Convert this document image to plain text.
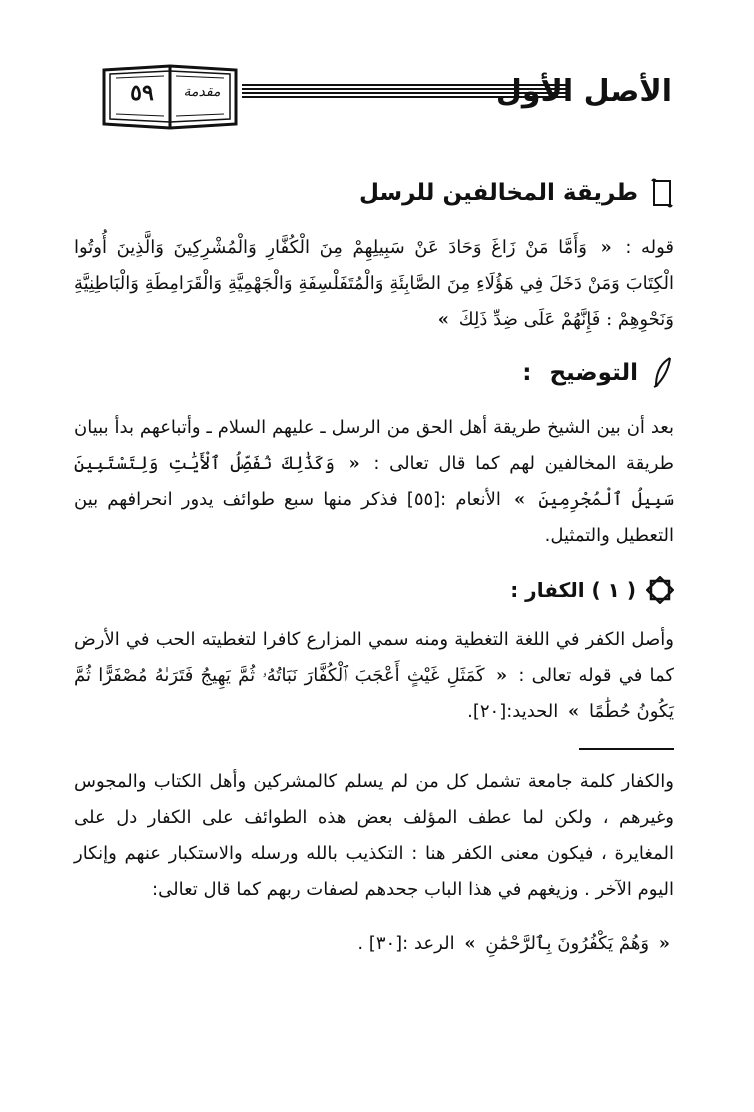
٥٩	مقدمة	الأصل الأول
طريقة المخالفين للرسل

قوله : « وَأَمَّا مَنْ زَاغَ وَحَادَ عَنْ سَبِيلِهِمْ مِنَ الْكُفَّارِ وَالْمُشْرِكِينَ وَالَّذِينَ أُوتُوا الْكِتَابَ وَمَنْ دَخَلَ فِي هَؤُلَاءِ مِنَ الصَّابِئَةِ وَالْمُتَفَلْسِفَةِ وَالْجَهْمِيَّةِ وَالْقَرَامِطَةِ وَالْبَاطِنِيَّةِ وَنَحْوِهِمْ : فَإِنَّهُمْ عَلَى ضِدِّ ذَلِكَ »

التوضيح
:

بعد أن بين الشيخ طريقة أهل الحق من الرسل ـ عليهم السلام ـ وأتباعهم بدأ ببيان طريقة المخالفين لهم كما قال تعالى : « وَكَذَٰلِكَ نُفَصِّلُ ٱلْأَيَٰتِ وَلِتَسْتَبِينَ سَبِيلُ ٱلْمُجْرِمِينَ » الأنعام :[٥٥] فذكر منها سبع طوائف يدور انحرافهم بين التعطيل والتمثيل.

( ١ ) الكفار :

وأصل الكفر في اللغة التغطية ومنه سمي المزارع كافرا لتغطيته الحب في الأرض كما في قوله تعالى : « كَمَثَلِ غَيْثٍ أَعْجَبَ ٱلْكُفَّارَ نَبَاتُهُۥ ثُمَّ يَهِيجُ فَتَرَىٰهُ مُصْفَرًّا ثُمَّ يَكُونُ حُطَٰمًا » الحديد:[٢٠].

والكفار كلمة جامعة تشمل كل من لم يسلم كالمشركين وأهل الكتاب والمجوس وغيرهم ، ولكن لما عطف المؤلف بعض هذه الطوائف على الكفار دل على المغايرة ، فيكون معنى الكفر هنا : التكذيب بالله ورسله والاستكبار عنهم وإنكار اليوم الآخر . وزيغهم في هذا الباب جحدهم لصفات ربهم كما قال تعالى:

« وَهُمْ يَكْفُرُونَ بِٱلرَّحْمَٰنِ » الرعد :[٣٠] .
